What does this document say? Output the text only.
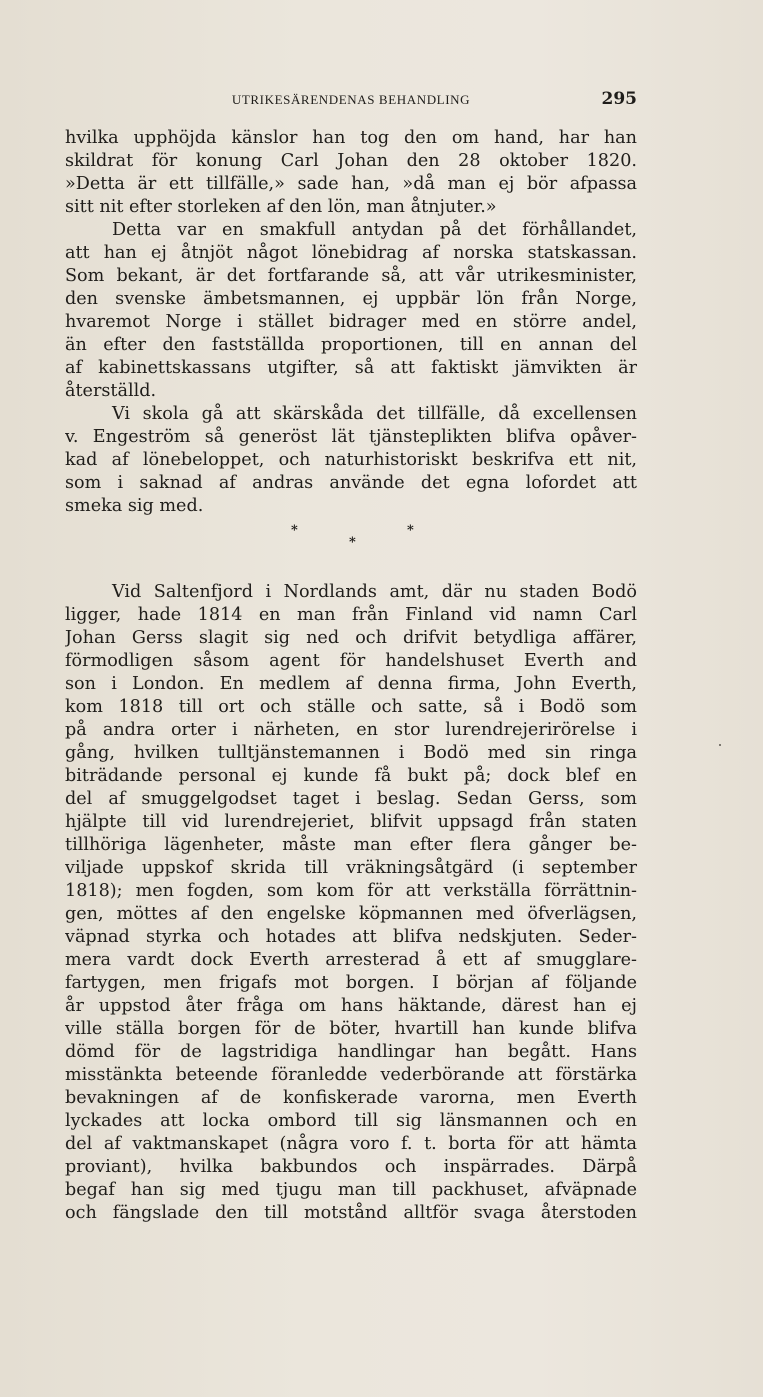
UTRIKESÄRENDENAS BEHANDLING	295
hvilka upphöjda känslor han tog den om hand, har han
skildrat för konung Carl Johan den 28 oktober 1820.
»Detta är ett tillfälle,» sade han, »då man ej bör afpassa
sitt nit efter storleken af den lön, man åtnjuter.»
Detta var en smakfull antydan på det förhållandet,
att han ej åtnjöt något lönebidrag af norska statskassan.
Som bekant, är det fortfarande så, att vår utrikesminister,
den svenske ämbetsmannen, ej uppbär lön från Norge,
hvaremot Norge i stället bidrager med en större andel,
än efter den fastställda proportionen, till en annan del
af kabinettskassans utgifter, så att faktiskt jämvikten är
återställd.
Vi skola gå att skärskåda det tillfälle, då excellensen
v. Engeström så generöst lät tjänsteplikten blifva opåver-
kad af lönebeloppet, och naturhistoriskt beskrifva ett nit,
som i saknad af andras använde det egna lofordet att
smeka sig med.
*
*
*
Vid Saltenfjord i Nordlands amt, där nu staden Bodö
ligger, hade 1814 en man från Finland vid namn Carl
Johan Gerss slagit sig ned och drifvit betydliga affärer,
förmodligen såsom agent för handelshuset Everth and
son i London. En medlem af denna firma, John Everth,
kom 1818 till ort och ställe och satte, så i Bodö som
på andra orter i närheten, en stor lurendrejerirörelse i
gång, hvilken tulltjänstemannen i Bodö med sin ringa
biträdande personal ej kunde få bukt på; dock blef en
del af smuggelgodset taget i beslag. Sedan Gerss, som
hjälpte till vid lurendrejeriet, blifvit uppsagd från staten
tillhöriga lägenheter, måste man efter flera gånger be-
viljade uppskof skrida till vräkningsåtgärd (i september
1818); men fogden, som kom för att verkställa förrättnin-
gen, möttes af den engelske köpmannen med öfverlägsen,
väpnad styrka och hotades att blifva nedskjuten. Seder-
mera vardt dock Everth arresterad å ett af smugglare-
fartygen, men frigafs mot borgen. I början af följande
år uppstod åter fråga om hans häktande, därest han ej
ville ställa borgen för de böter, hvartill han kunde blifva
dömd för de lagstridiga handlingar han begått. Hans
misstänkta beteende föranledde vederbörande att förstärka
bevakningen af de konfiskerade varorna, men Everth
lyckades att locka ombord till sig länsmannen och en
del af vaktmanskapet (några voro f. t. borta för att hämta
proviant), hvilka bakbundos och inspärrades. Därpå
begaf han sig med tjugu man till packhuset, afväpnade
och fängslade den till motstånd alltför svaga återstoden
